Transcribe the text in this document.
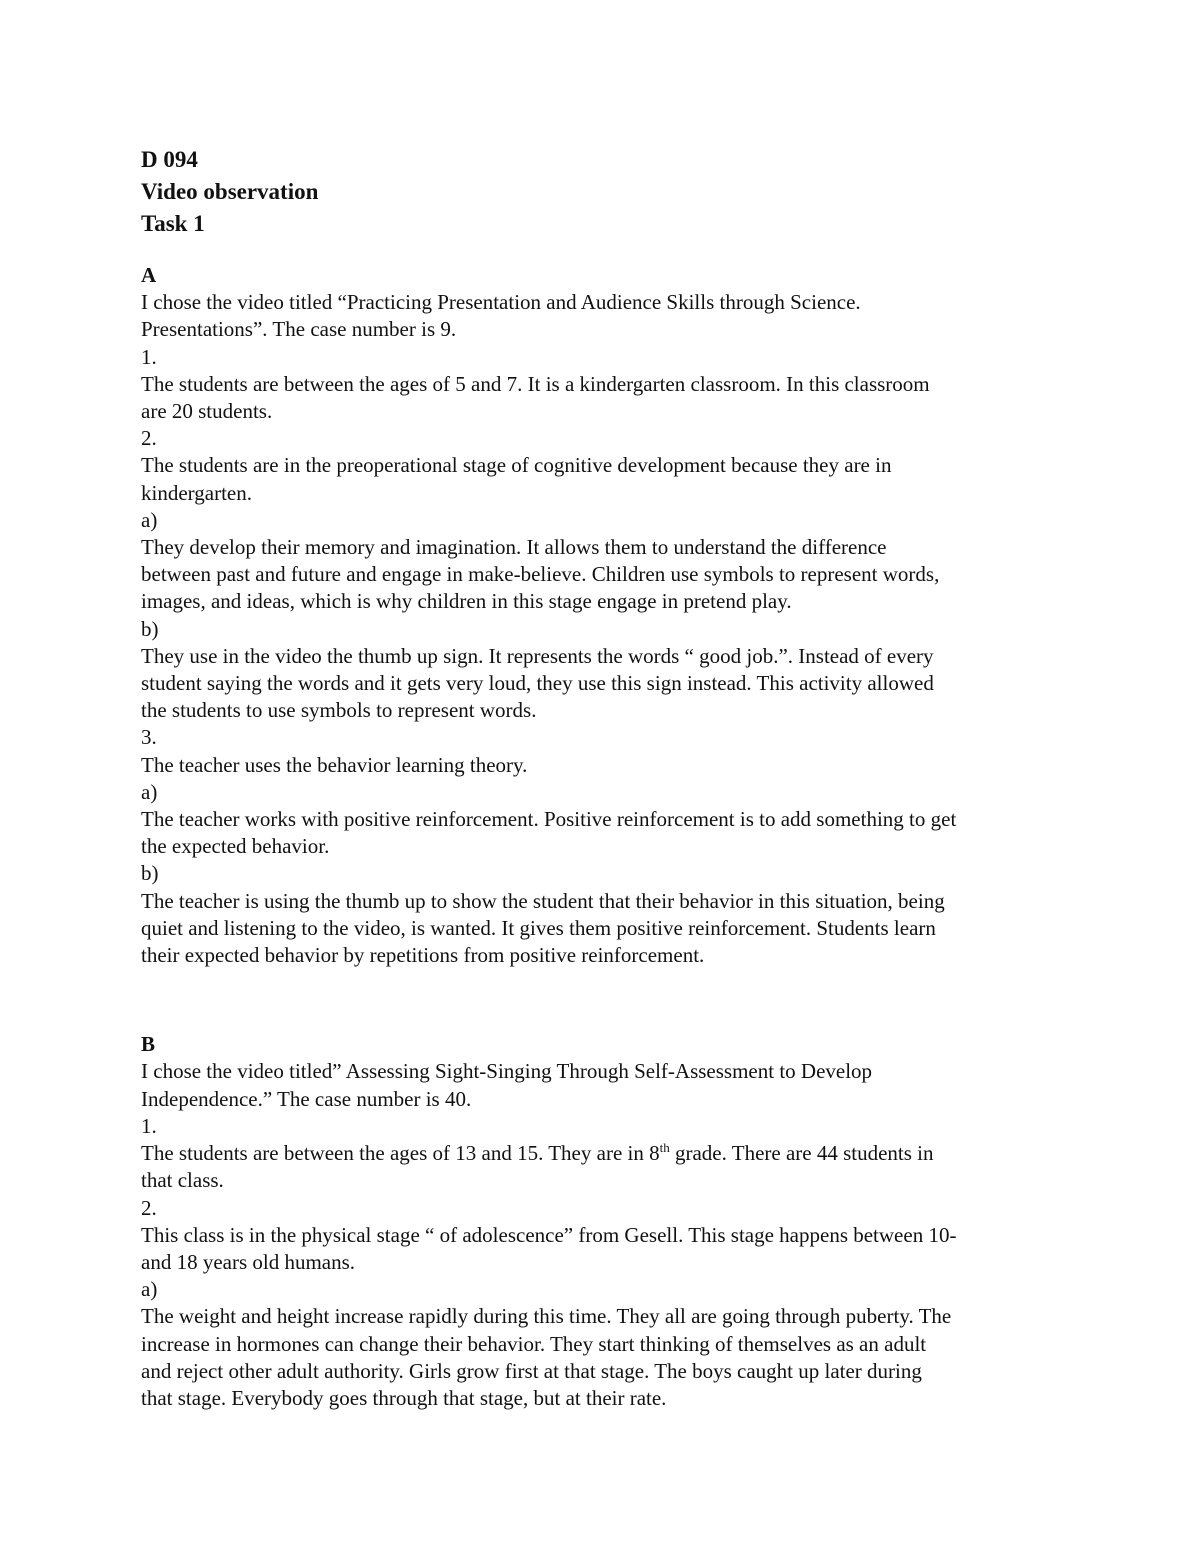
D 094
Video observation
Task 1
A
I chose the video titled “Practicing Presentation and Audience Skills through Science.
Presentations”. The case number is 9.
1.
The students are between the ages of 5 and 7. It is a kindergarten classroom. In this classroom
are 20 students.
2.
The students are in the preoperational stage of cognitive development because they are in
kindergarten.
a)
They develop their memory and imagination. It allows them to understand the difference
between past and future and engage in make-believe. Children use symbols to represent words,
images, and ideas, which is why children in this stage engage in pretend play.
b)
They use in the video the thumb up sign. It represents the words “ good job.”. Instead of every
student saying the words and it gets very loud, they use this sign instead. This activity allowed
the students to use symbols to represent words.
3.
The teacher uses the behavior learning theory.
a)
The teacher works with positive reinforcement. Positive reinforcement is to add something to get
the expected behavior.
b)
The teacher is using the thumb up to show the student that their behavior in this situation, being
quiet and listening to the video, is wanted. It gives them positive reinforcement. Students learn
their expected behavior by repetitions from positive reinforcement.
B
I chose the video titled” Assessing Sight-Singing Through Self-Assessment to Develop
Independence.” The case number is 40.
1.
The students are between the ages of 13 and 15. They are in 8th grade. There are 44 students in
that class.
2.
This class is in the physical stage “ of adolescence” from Gesell. This stage happens between 10-
and 18 years old humans.
a)
The weight and height increase rapidly during this time. They all are going through puberty. The
increase in hormones can change their behavior. They start thinking of themselves as an adult
and reject other adult authority. Girls grow first at that stage. The boys caught up later during
that stage. Everybody goes through that stage, but at their rate.
